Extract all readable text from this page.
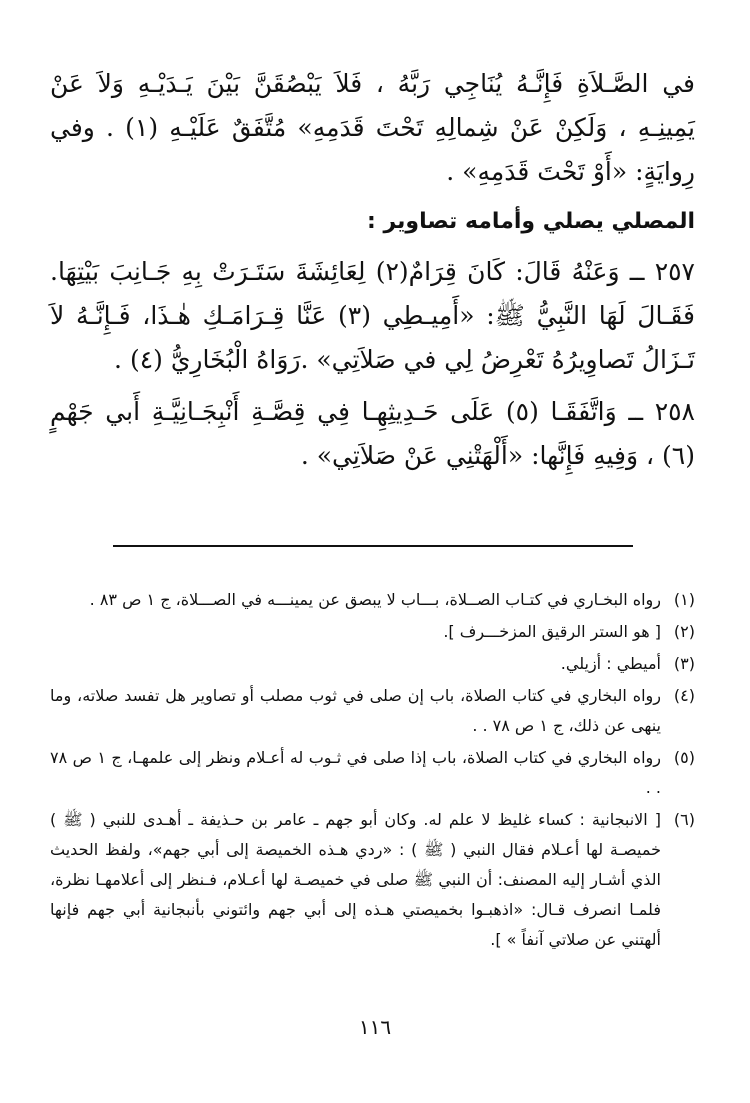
في الصَّـلاَةِ فَإِنَّـهُ يُنَاجِي رَبَّهُ ، فَلاَ يَبْصُقَنَّ بَيْنَ يَـدَيْـهِ وَلاَ عَنْ يَمِينِـهِ ، وَلَكِنْ عَنْ شِمالِهِ تَحْتَ قَدَمِهِ» مُتَّفَقٌ عَلَيْـهِ (١) . وفي رِوايَةٍ: «أَوْ تَحْتَ قَدَمِهِ» .

المصلي يصلي وأمامه تصاوير :

٢٥٧ ــ وَعَنْهُ قَالَ: كَانَ قِرَامٌ(٢) لِعَائِشَةَ سَتَـرَتْ بِهِ جَـانِبَ بَيْتِهَا. فَقَـالَ لَهَا النَّبِيُّ ﷺ: «أَمِيـطِي (٣) عَنَّا قِـرَامَـكِ هٰـذَا، فَـإِنَّـهُ لاَ تَـزَالُ تَصاوِيرُهُ تَعْرِضُ لِي في صَلاَتِي» .رَوَاهُ الْبُخَارِيُّ (٤) .

٢٥٨ ــ وَاتَّفَقَـا (٥) عَلَى حَـدِيثِهِـا فِي قِصَّـةِ أَنْبِجَـانِيَّـةِ أَبي جَهْمٍ (٦) ، وَفِيهِ فَإِنَّها: «أَلْهَتْنِي عَنْ صَلاَتِي» .

(١)
رواه البخـاري في كتـاب الصــلاة، بـــاب لا يبصق عن يمينـــه في الصـــلاة، ج ١ ص ٨٣ .
(٢)
[ هو الستر الرقيق المزخـــرف ].
(٣)
أميطي : أزيلي.
(٤)
رواه البخاري في كتاب الصلاة، باب إن صلى في ثوب مصلب أو تصاوير هل تفسد صلاته، وما ينهى عن ذلك، ج ١ ص ٧٨ . .
(٥)
رواه البخاري في كتاب الصلاة، باب إذا صلى في ثـوب له أعـلام ونظر إلى علمهـا، ج ١ ص ٧٨ . .
(٦)
[ الانبجانية : كساء غليظ لا علم له. وكان أبو جهم ـ عامر بن حـذيفة ـ أهـدى للنبي ( ﷺ ) خميصـة لها أعـلام فقال النبي ( ﷺ ) : «ردي هـذه الخميصة إلى أبي جهم»، ولفظ الحديث الذي أشـار إليه المصنف: أن النبي ﷺ صلى في خميصـة لها أعـلام، فـنظر إلى أعلامهـا نظرة، فلمـا انصرف قـال: «اذهبـوا بخميصتي هـذه إلى أبي جهم وائتوني بأنبجانية أبي جهم فإنها ألهتني عن صلاتي آنفاً » ].
١١٦
